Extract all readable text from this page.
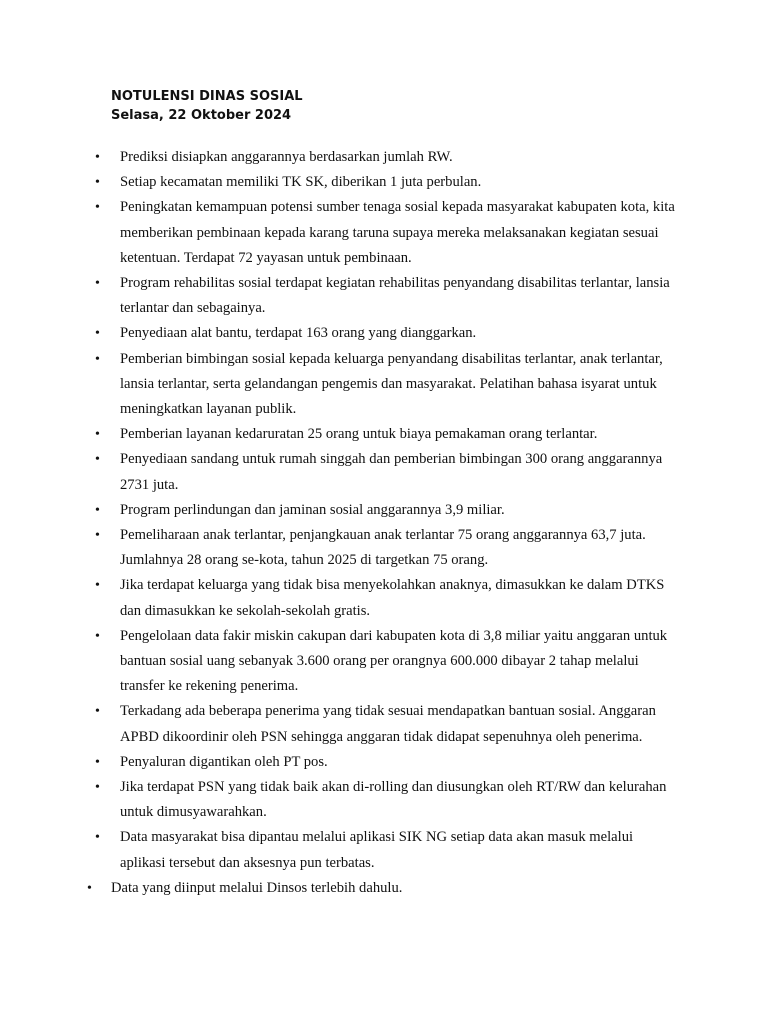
NOTULENSI DINAS SOSIAL
Selasa, 22 Oktober 2024
• Prediksi disiapkan anggarannya berdasarkan jumlah RW.
• Setiap kecamatan memiliki TK SK, diberikan 1 juta perbulan.
• Peningkatan kemampuan potensi sumber tenaga sosial kepada masyarakat kabupaten kota, kita memberikan pembinaan kepada karang taruna supaya mereka melaksanakan kegiatan sesuai ketentuan. Terdapat 72 yayasan untuk pembinaan.
• Program rehabilitas sosial terdapat kegiatan rehabilitas penyandang disabilitas terlantar, lansia terlantar dan sebagainya.
• Penyediaan alat bantu, terdapat 163 orang yang dianggarkan.
• Pemberian bimbingan sosial kepada keluarga penyandang disabilitas terlantar, anak terlantar, lansia terlantar, serta gelandangan pengemis dan masyarakat. Pelatihan bahasa isyarat untuk meningkatkan layanan publik.
• Pemberian layanan kedaruratan 25 orang untuk biaya pemakaman orang terlantar.
• Penyediaan sandang untuk rumah singgah dan pemberian bimbingan 300 orang anggarannya 2731 juta.
• Program perlindungan dan jaminan sosial anggarannya 3,9 miliar.
• Pemeliharaan anak terlantar, penjangkauan anak terlantar 75 orang anggarannya 63,7 juta. Jumlahnya 28 orang se-kota, tahun 2025 di targetkan 75 orang.
• Jika terdapat keluarga yang tidak bisa menyekolahkan anaknya, dimasukkan ke dalam DTKS dan dimasukkan ke sekolah-sekolah gratis.
• Pengelolaan data fakir miskin cakupan dari kabupaten kota di 3,8 miliar yaitu anggaran untuk bantuan sosial uang sebanyak 3.600 orang per orangnya 600.000 dibayar 2 tahap melalui transfer ke rekening penerima.
• Terkadang ada beberapa penerima yang tidak sesuai mendapatkan bantuan sosial. Anggaran APBD dikoordinir oleh PSN sehingga anggaran tidak didapat sepenuhnya oleh penerima.
• Penyaluran digantikan oleh PT pos.
• Jika terdapat PSN yang tidak baik akan di-rolling dan diusungkan oleh RT/RW dan kelurahan untuk dimusyawarahkan.
• Data masyarakat bisa dipantau melalui aplikasi SIK NG setiap data akan masuk melalui aplikasi tersebut dan aksesnya pun terbatas.
• Data yang diinput melalui Dinsos terlebih dahulu.
